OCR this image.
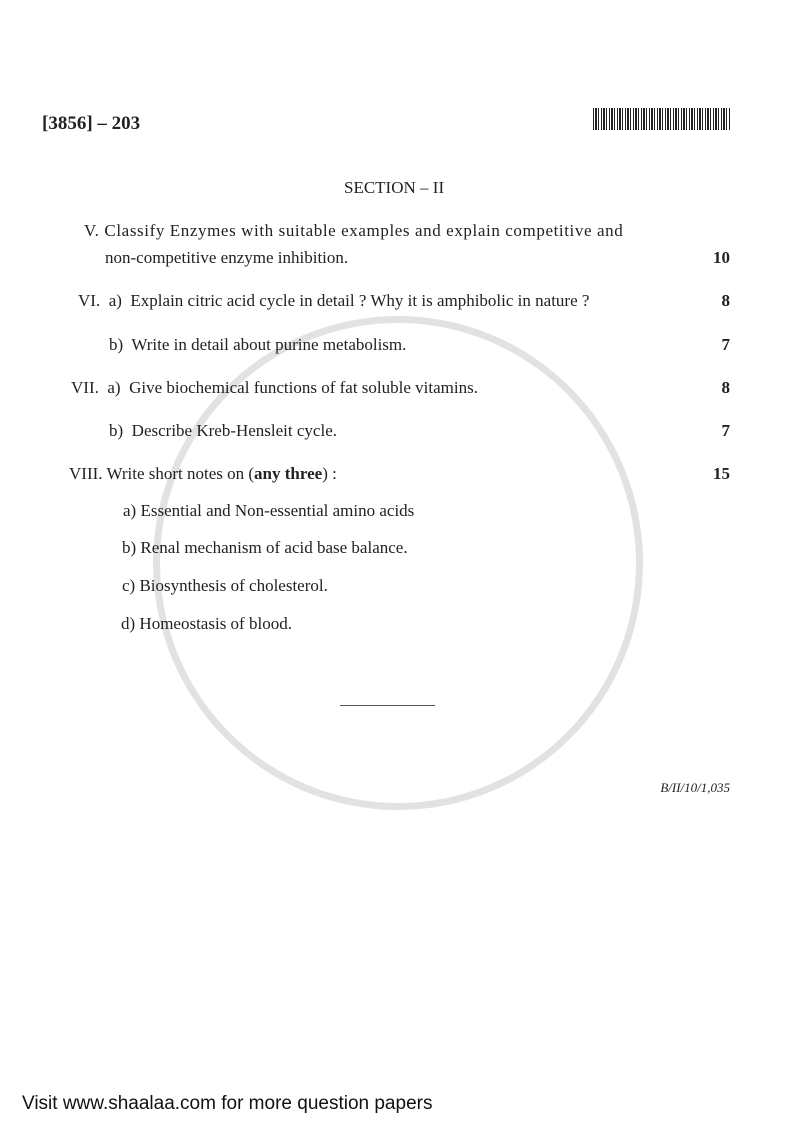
[3856] – 203
SECTION – II
V. Classify Enzymes with suitable examples and explain competitive and
non-competitive enzyme inhibition.	10
VI. a) Explain citric acid cycle in detail ? Why it is amphibolic in nature ?	8
b) Write in detail about purine metabolism.	7
VII. a) Give biochemical functions of fat soluble vitamins.	8
b) Describe Kreb-Hensleit cycle.	7
VIII. Write short notes on (any three) :	15
a) Essential and Non-essential amino acids
b) Renal mechanism of acid base balance.
c) Biosynthesis of cholesterol.
d) Homeostasis of blood.
B/II/10/1,035
Visit www.shaalaa.com for more question papers
